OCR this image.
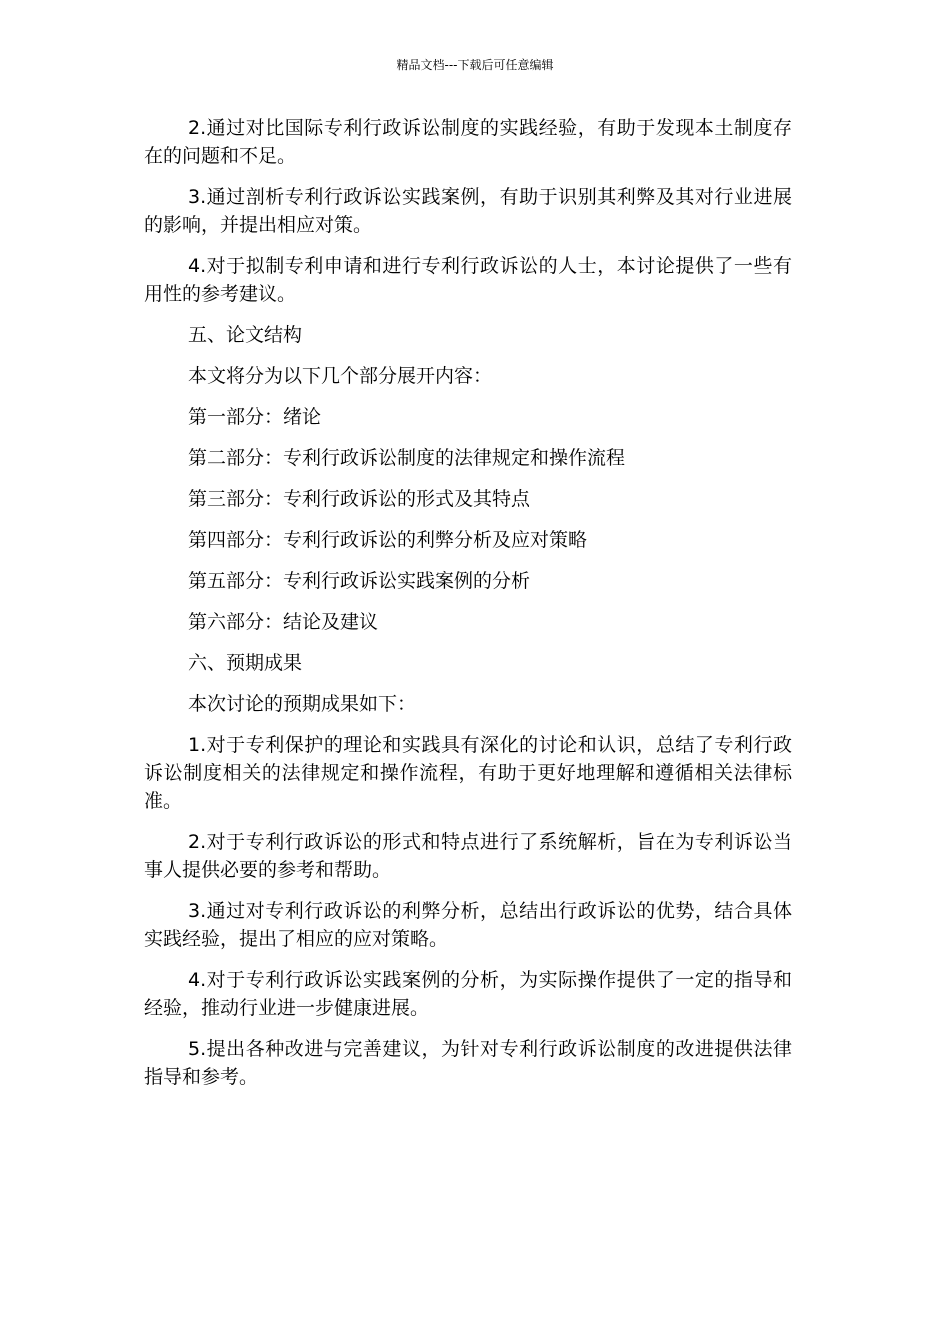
精品文档---下载后可任意编辑

2.通过对比国际专利行政诉讼制度的实践经验，有助于发现本土制度存在的问题和不足。

3.通过剖析专利行政诉讼实践案例，有助于识别其利弊及其对行业进展的影响，并提出相应对策。

4.对于拟制专利申请和进行专利行政诉讼的人士，本讨论提供了一些有用性的参考建议。

五、论文结构
本文将分为以下几个部分展开内容：
第一部分：绪论
第二部分：专利行政诉讼制度的法律规定和操作流程
第三部分：专利行政诉讼的形式及其特点
第四部分：专利行政诉讼的利弊分析及应对策略
第五部分：专利行政诉讼实践案例的分析
第六部分：结论及建议
六、预期成果
本次讨论的预期成果如下：

1.对于专利保护的理论和实践具有深化的讨论和认识，总结了专利行政诉讼制度相关的法律规定和操作流程，有助于更好地理解和遵循相关法律标准。

2.对于专利行政诉讼的形式和特点进行了系统解析，旨在为专利诉讼当事人提供必要的参考和帮助。

3.通过对专利行政诉讼的利弊分析，总结出行政诉讼的优势，结合具体实践经验，提出了相应的应对策略。

4.对于专利行政诉讼实践案例的分析，为实际操作提供了一定的指导和经验，推动行业进一步健康进展。

5.提出各种改进与完善建议，为针对专利行政诉讼制度的改进提供法律指导和参考。
